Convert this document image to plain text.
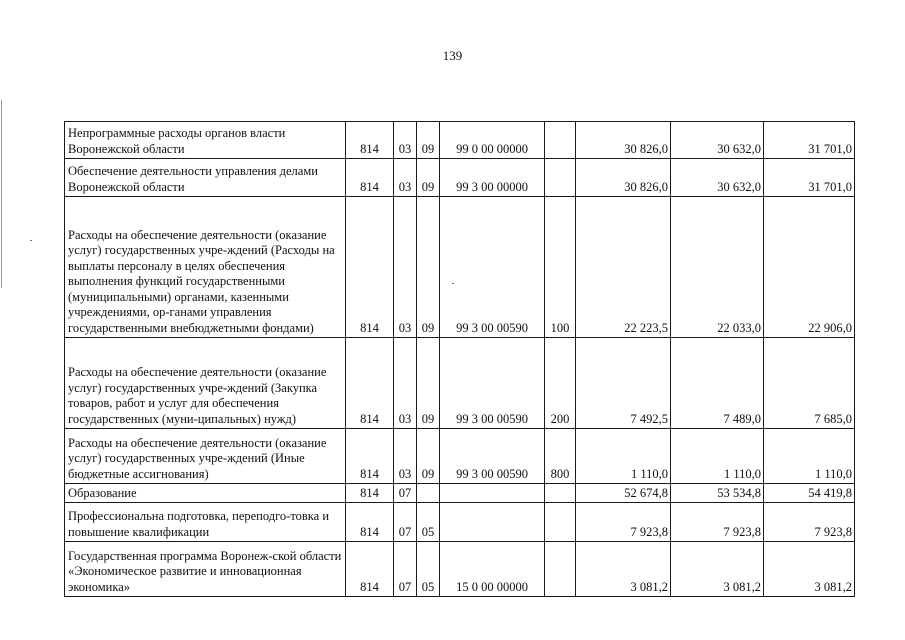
139
Непрограммные расходы органов власти Воронежской области	814	03	09	99 0 00 00000		30 826,0	30 632,0	31 701,0
Обеспечение деятельности управления делами Воронежской области	814	03	09	99 3 00 00000		30 826,0	30 632,0	31 701,0
Расходы на обеспечение деятельности (оказание услуг) государственных учре-ждений (Расходы на выплаты персоналу в целях обеспечения выполнения функций государственными (муниципальными) органами, казенными учреждениями, ор-ганами управления государственными внебюджетными фондами)	814	03	09	99 3 00 00590	100	22 223,5	22 033,0	22 906,0
Расходы на обеспечение деятельности (оказание услуг) государственных учре-ждений (Закупка товаров, работ и услуг для обеспечения государственных (муни-ципальных) нужд)	814	03	09	99 3 00 00590	200	7 492,5	7 489,0	7 685,0
Расходы на обеспечение деятельности (оказание услуг) государственных учре-ждений (Иные бюджетные ассигнования)	814	03	09	99 3 00 00590	800	1 110,0	1 110,0	1 110,0
Образование	814	07				52 674,8	53 534,8	54 419,8
Профессиональна подготовка, переподго-товка и повышение квалификации	814	07	05			7 923,8	7 923,8	7 923,8
Государственная программа Воронеж-ской области «Экономическое развитие и инновационная экономика»	814	07	05	15 0 00 00000		3 081,2	3 081,2	3 081,2
